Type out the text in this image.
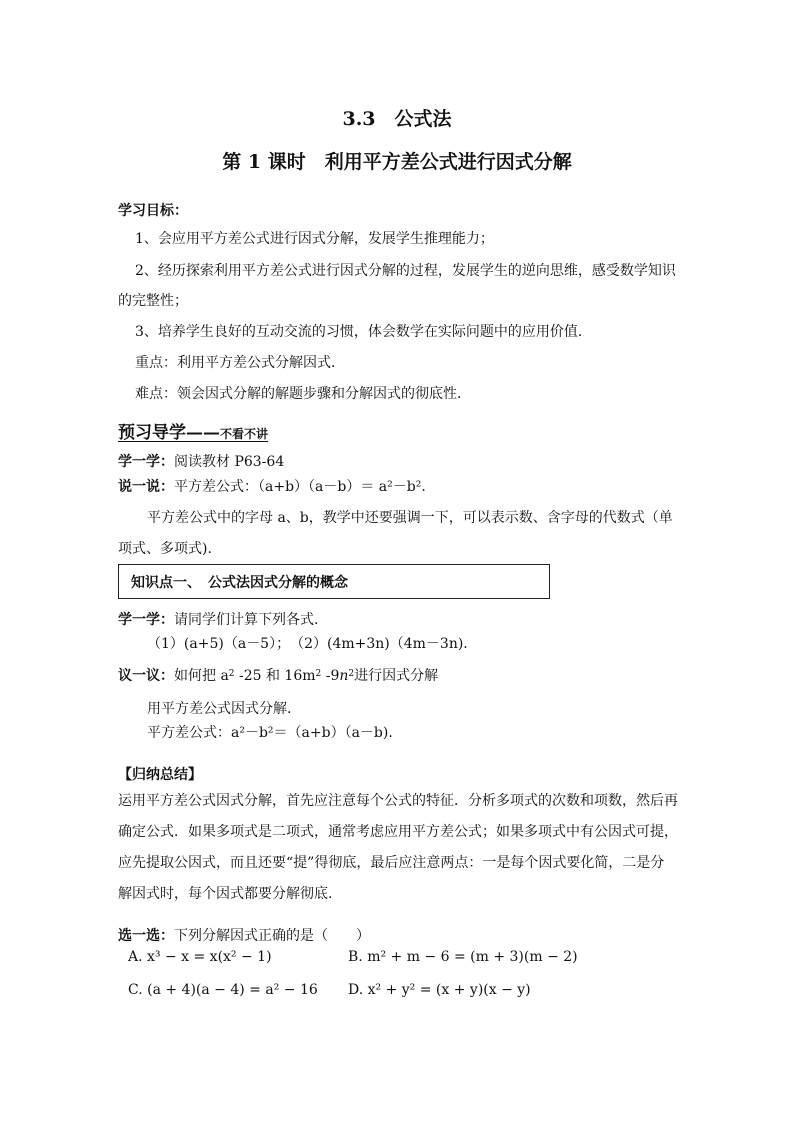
3.3　公式法
第 1 课时　利用平方差公式进行因式分解
学习目标：
1、会应用平方差公式进行因式分解，发展学生推理能力；
2、经历探索利用平方差公式进行因式分解的过程，发展学生的逆向思维，感受数学知识
的完整性；
3、培养学生良好的互动交流的习惯，体会数学在实际问题中的应用价值．
重点：利用平方差公式分解因式．
难点：领会因式分解的解题步骤和分解因式的彻底性．
预习导学——不看不讲
学一学：阅读教材 P63-64
说一说：平方差公式：（a+b）（a－b）＝ a²－b².
平方差公式中的字母 a、b，教学中还要强调一下，可以表示数、含字母的代数式（单
项式、多项式).
知识点一、　公式法因式分解的概念
学一学：请同学们计算下列各式.
（1）(a+5)（a－5）；　（2）(4m+3n)（4m－3n).
议一议：如何把 $a^2$ -25 和 $16m^2$ $-9n^2$进行因式分解
用平方差公式因式分解.
平方差公式：a²－b²＝（a+b）（a－b).
【归纳总结】
运用平方差公式因式分解，首先应注意每个公式的特征．分析多项式的次数和项数，然后再
确定公式．如果多项式是二项式，通常考虑应用平方差公式；如果多项式中有公因式可提，
应先提取公因式，而且还要“提”得彻底，最后应注意两点：一是每个因式要化简，二是分
解因式时，每个因式都要分解彻底.
选一选：下列分解因式正确的是（　　）
A. x³ − x = x(x² − 1)	B. m² + m − 6 = (m + 3)(m − 2)
C. (a + 4)(a − 4) = a² − 16 D. x² + y² = (x + y)(x − y)
